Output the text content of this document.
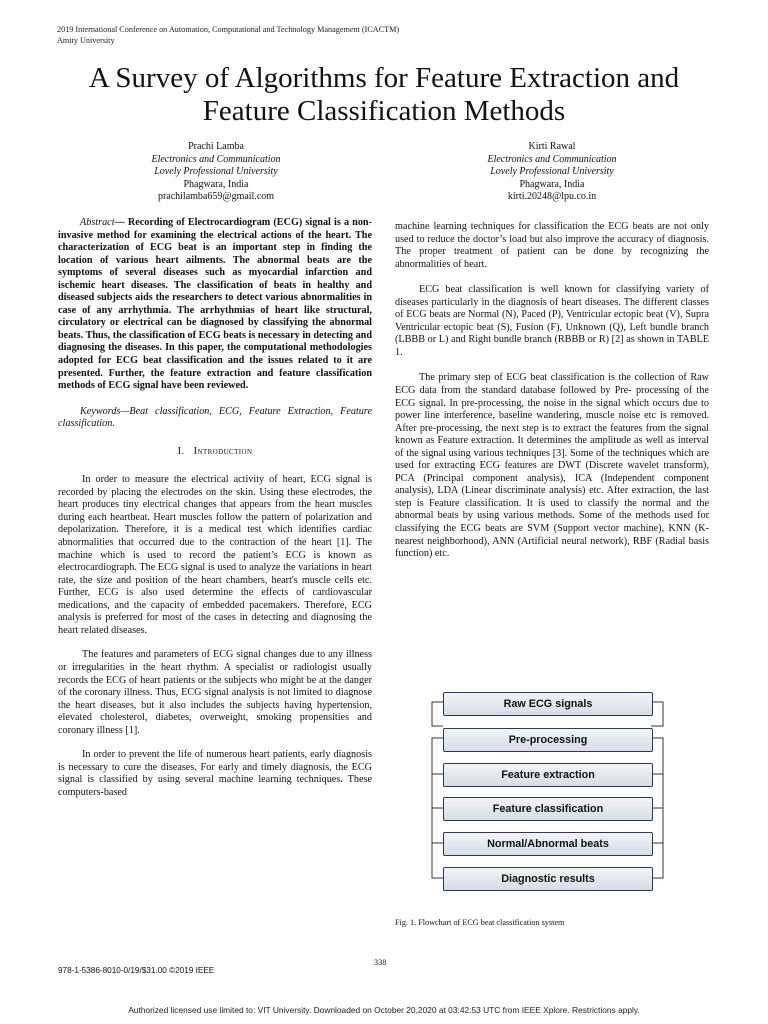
2019 International Conference on Automation, Computational and Technology Management (ICACTM)
Amity University
A Survey of Algorithms for Feature Extraction and
Feature Classification Methods
Prachi Lamba
Electronics and Communication
Lovely Professional University
Phagwara, India
prachilamba659@gmail.com
Kirti Rawal
Electronics and Communication
Lovely Professional University
Phagwara, India
kirti.20248@lpu.co.in

Abstract— Recording of Electrocardiogram (ECG) signal is a non-invasive method for examining the electrical actions of the heart. The characterization of ECG beat is an important step in finding the location of various heart ailments. The abnormal beats are the symptoms of several diseases such as myocardial infarction and ischemic heart diseases. The classification of beats in healthy and diseased subjects aids the researchers to detect various abnormalities in case of any arrhythmia. The arrhythmias of heart like structural, circulatory or electrical can be diagnosed by classifying the abnormal beats. Thus, the classification of ECG beats is necessary in detecting and diagnosing the diseases. In this paper, the computational methodologies adopted for ECG beat classification and the issues related to it are presented. Further, the feature extraction and feature classification methods of ECG signal have been reviewed.

Keywords—Beat classification, ECG, Feature Extraction, Feature classification.

I. Introduction

In order to measure the electrical activity of heart, ECG signal is recorded by placing the electrodes on the skin. Using these electrodes, the heart produces tiny electrical changes that appears from the heart muscles during each heartbeat. Heart muscles follow the pattern of polarization and depolarization. Therefore, it is a medical test which identifies cardiac abnormalities that occurred due to the contraction of the heart [1]. The machine which is used to record the patient’s ECG is known as electrocardiograph. The ECG signal is used to analyze the variations in heart rate, the size and position of the heart chambers, heart's muscle cells etc. Further, ECG is also used determine the effects of cardiovascular medications, and the capacity of embedded pacemakers. Therefore, ECG analysis is preferred for most of the cases in detecting and diagnosing the heart related diseases.

The features and parameters of ECG signal changes due to any illness or irregularities in the heart rhythm. A specialist or radiologist usually records the ECG of heart patients or the subjects who might be at the danger of the coronary illness. Thus, ECG signal analysis is not limited to diagnose the heart diseases, but it also includes the subjects having hypertension, elevated cholesterol, diabetes, overweight, smoking propensities and coronary illness [1].

In order to prevent the life of numerous heart patients, early diagnosis is necessary to cure the diseases. For early and timely diagnosis, the ECG signal is classified by using several machine learning techniques. These computers-based

machine learning techniques for classification the ECG beats are not only used to reduce the doctor’s load but also improve the accuracy of diagnosis. The proper treatment of patient can be done by recognizing the abnormalities of heart.

ECG beat classification is well known for classifying variety of diseases particularly in the diagnosis of heart diseases. The different classes of ECG beats are Normal (N), Paced (P), Ventricular ectopic beat (V), Supra Ventricular ectopic beat (S), Fusion (F), Unknown (Q), Left bundle branch (LBBB or L) and Right bundle branch (RBBB or R) [2] as shown in TABLE 1.

The primary step of ECG beat classification is the collection of Raw ECG data from the standard database followed by Pre- processing of the ECG signal. In pre-processing, the noise in the signal which occurs due to power line interference, baseline wandering, muscle noise etc is removed. After pre-processing, the next step is to extract the features from the signal known as Feature extraction. It determines the amplitude as well as interval of the signal using various techniques [3]. Some of the techniques which are used for extracting ECG features are DWT (Discrete wavelet transform), PCA (Principal component analysis), ICA (Independent component analysis), LDA (Linear discriminate analysis) etc. After extraction, the last step is Feature classification. It is used to classify the normal and the abnormal beats by using various methods. Some of the methods used for classifying the ECG beats are SVM (Support vector machine), KNN (K-nearest neighborhood), ANN (Artificial neural network), RBF (Radial basis function) etc.

Raw ECG signals
Pre-processing
Feature extraction
Feature classification
Normal/Abnormal beats
Diagnostic results
Fig. 1. Flowchart of ECG beat classification system
338
978-1-5386-8010-0/19/$31.00 ©2019 IEEE
Authorized licensed use limited to: VIT University. Downloaded on October 20,2020 at 03:42:53 UTC from IEEE Xplore. Restrictions apply.
